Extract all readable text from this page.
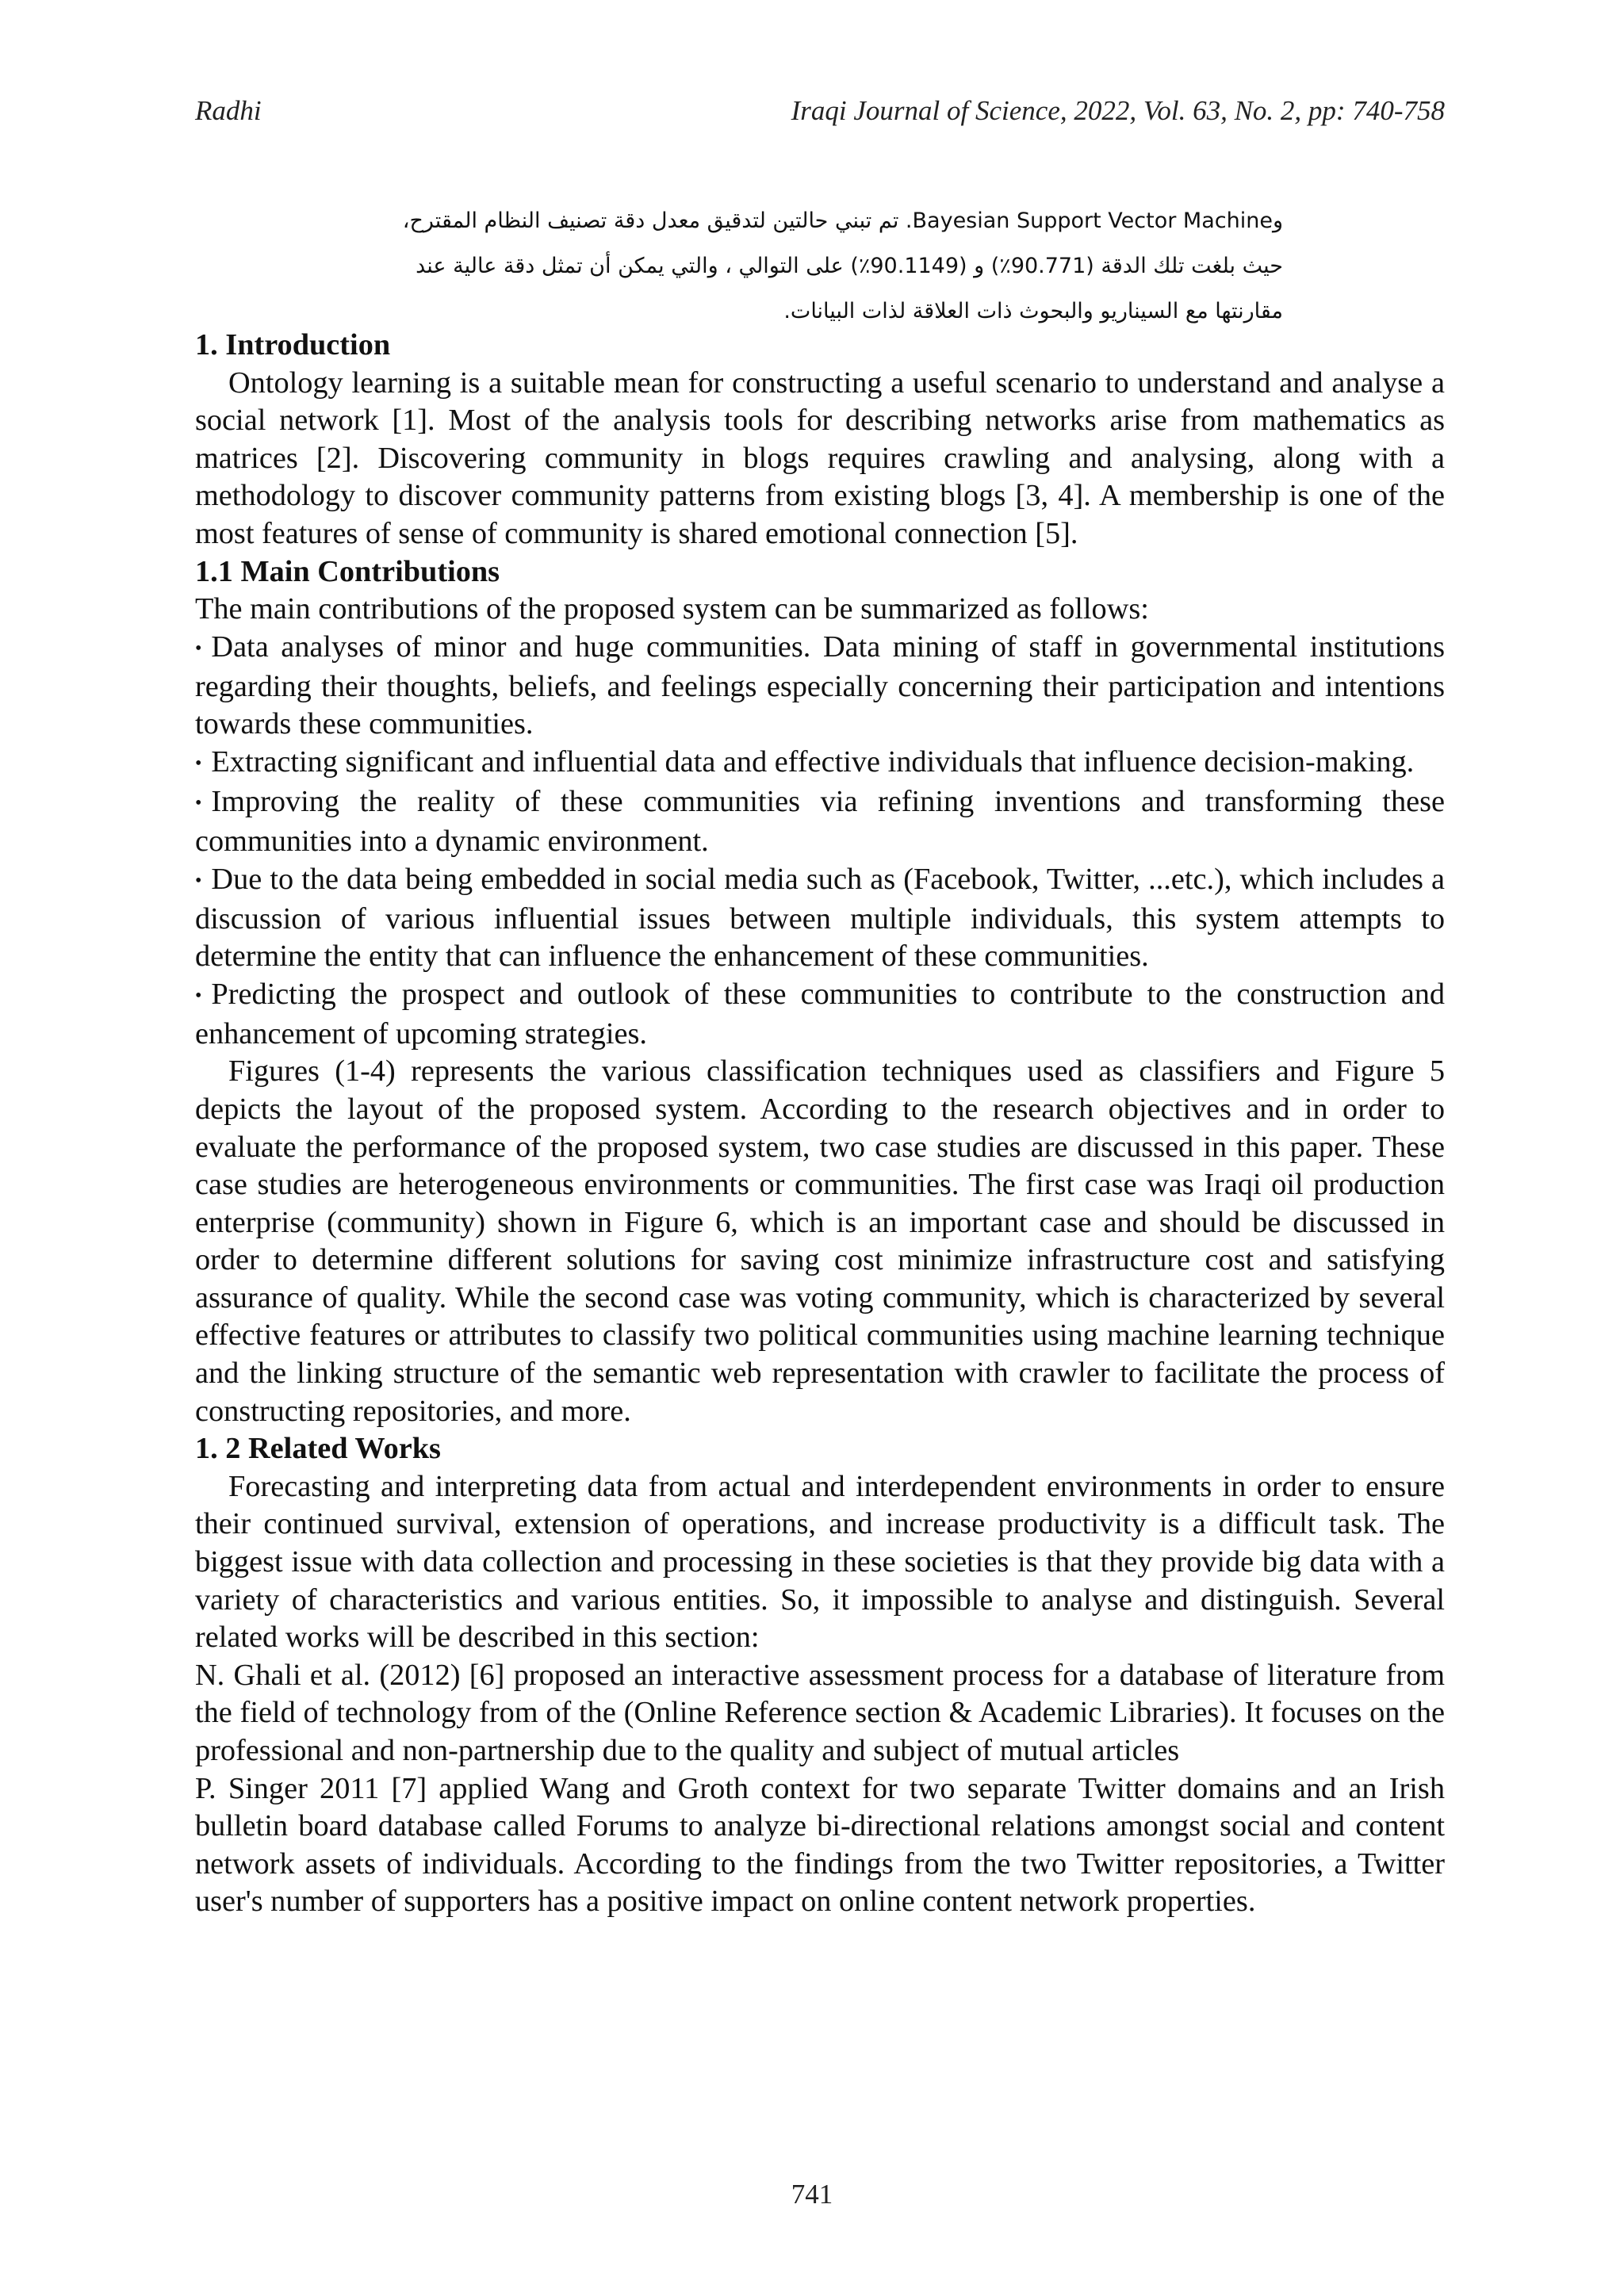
Radhi	Iraqi Journal of Science, 2022, Vol. 63, No. 2, pp: 740-758

وBayesian Support Vector Machine. تم تبني حالتين لتدقيق معدل دقة تصنيف النظام المقترح،

حيث بلغت تلك الدقة (90.771٪) و (90.1149٪) على التوالي ، والتي يمكن أن تمثل دقة عالية عند

مقارنتها مع السيناريو والبحوث ذات العلاقة لذات البيانات.

1. Introduction

Ontology learning is a suitable mean for constructing a useful scenario to understand and analyse a social network [1]. Most of the analysis tools for describing networks arise from mathematics as matrices [2]. Discovering community in blogs requires crawling and analysing, along with a methodology to discover community patterns from existing blogs [3, 4]. A membership is one of the most features of sense of community is shared emotional connection [5].

1.1 Main Contributions

The main contributions of the proposed system can be summarized as follows:

• Data analyses of minor and huge communities. Data mining of staff in governmental institutions regarding their thoughts, beliefs, and feelings especially concerning their participation and intentions towards these communities.

• Extracting significant and influential data and effective individuals that influence decision-making.

• Improving the reality of these communities via refining inventions and transforming these communities into a dynamic environment.

• Due to the data being embedded in social media such as (Facebook, Twitter, ...etc.), which includes a discussion of various influential issues between multiple individuals, this system attempts to determine the entity that can influence the enhancement of these communities.

• Predicting the prospect and outlook of these communities to contribute to the construction and enhancement of upcoming strategies.

Figures (1-4) represents the various classification techniques used as classifiers and Figure 5 depicts the layout of the proposed system. According to the research objectives and in order to evaluate the performance of the proposed system, two case studies are discussed in this paper. These case studies are heterogeneous environments or communities. The first case was Iraqi oil production enterprise (community) shown in Figure 6, which is an important case and should be discussed in order to determine different solutions for saving cost minimize infrastructure cost and satisfying assurance of quality. While the second case was voting community, which is characterized by several effective features or attributes to classify two political communities using machine learning technique and the linking structure of the semantic web representation with crawler to facilitate the process of constructing repositories, and more.

1. 2 Related Works

Forecasting and interpreting data from actual and interdependent environments in order to ensure their continued survival, extension of operations, and increase productivity is a difficult task. The biggest issue with data collection and processing in these societies is that they provide big data with a variety of characteristics and various entities. So, it impossible to analyse and distinguish. Several related works will be described in this section:

N. Ghali et al. (2012) [6] proposed an interactive assessment process for a database of literature from the field of technology from of the (Online Reference section & Academic Libraries). It focuses on the professional and non-partnership due to the quality and subject of mutual articles

P. Singer 2011 [7] applied Wang and Groth context for two separate Twitter domains and an Irish bulletin board database called Forums to analyze bi-directional relations amongst social and content network assets of individuals. According to the findings from the two Twitter repositories, a Twitter user's number of supporters has a positive impact on online content network properties.

741
